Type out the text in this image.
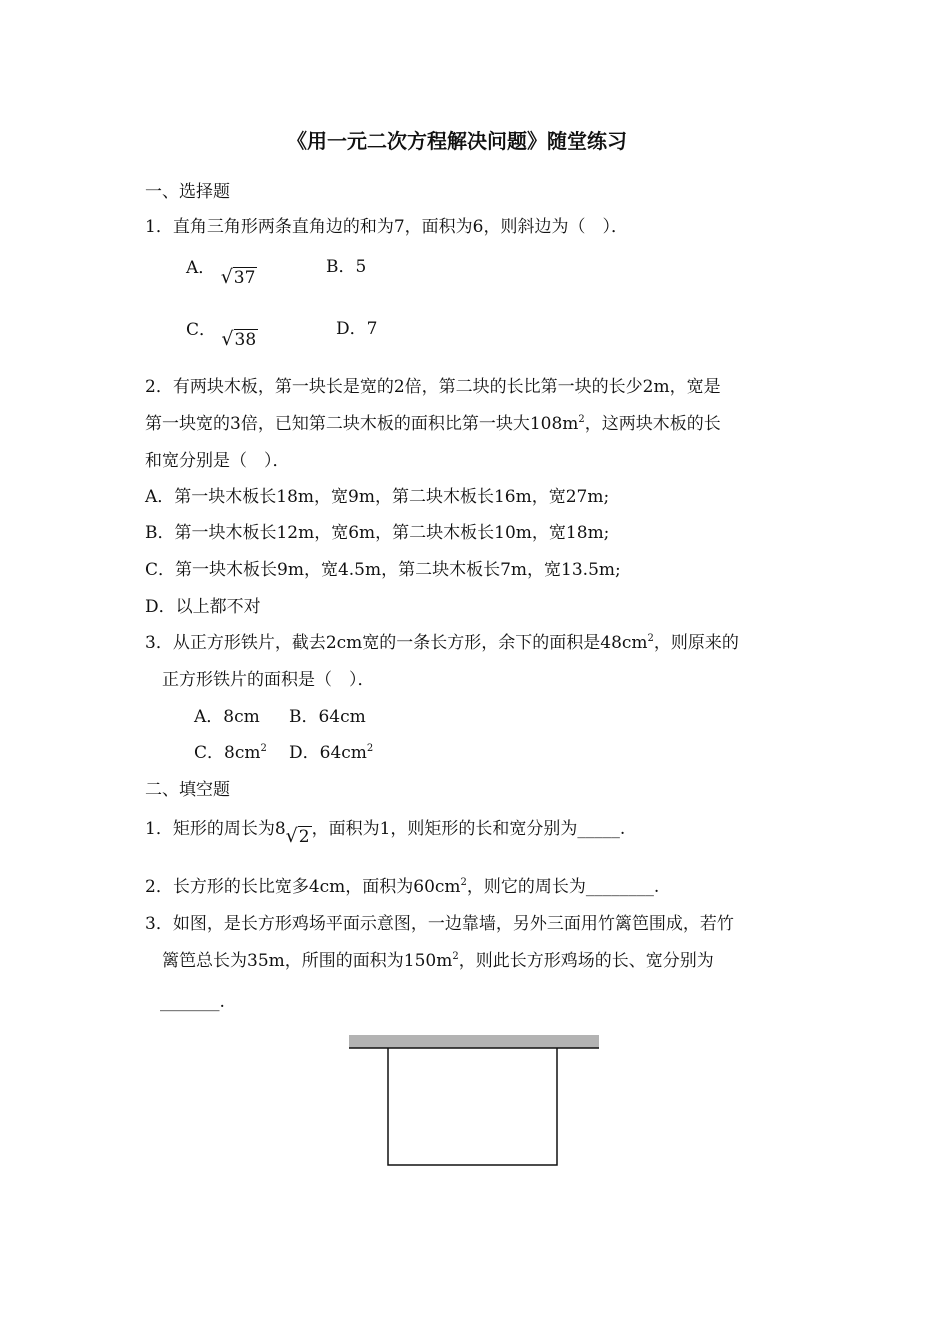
《用一元二次方程解决问题》随堂练习
一、选择题
1．直角三角形两条直角边的和为7，面积为6，则斜边为（　）．
A． √37
B．5
C． √38
D．7
2．有两块木板，第一块长是宽的2倍，第二块的长比第一块的长少2m，宽是
第一块宽的3倍，已知第二块木板的面积比第一块大$108m^2$，这两块木板的长
和宽分别是（　）．
A．第一块木板长18m，宽9m，第二块木板长16m，宽27m;
B．第一块木板长12m，宽6m，第二块木板长10m，宽18m;
C．第一块木板长9m，宽4.5m，第二块木板长7m，宽13.5m;
D．以上都不对
3．从正方形铁片，截去2cm宽的一条长方形，余下的面积是$48cm^2$，则原来的
正方形铁片的面积是（　）．
A．8cm B．64cm
C．$8cm^2$ D．$64cm^2$
二、填空题
1．矩形的周长为8√2 ，面积为1，则矩形的长和宽分别为_____.
2．长方形的长比宽多4cm，面积为$60cm^2$，则它的周长为________.
3．如图，是长方形鸡场平面示意图，一边靠墙，另外三面用竹篱笆围成，若竹
篱笆总长为35m，所围的面积为$150m^2$，则此长方形鸡场的长、宽分别为
_______.
